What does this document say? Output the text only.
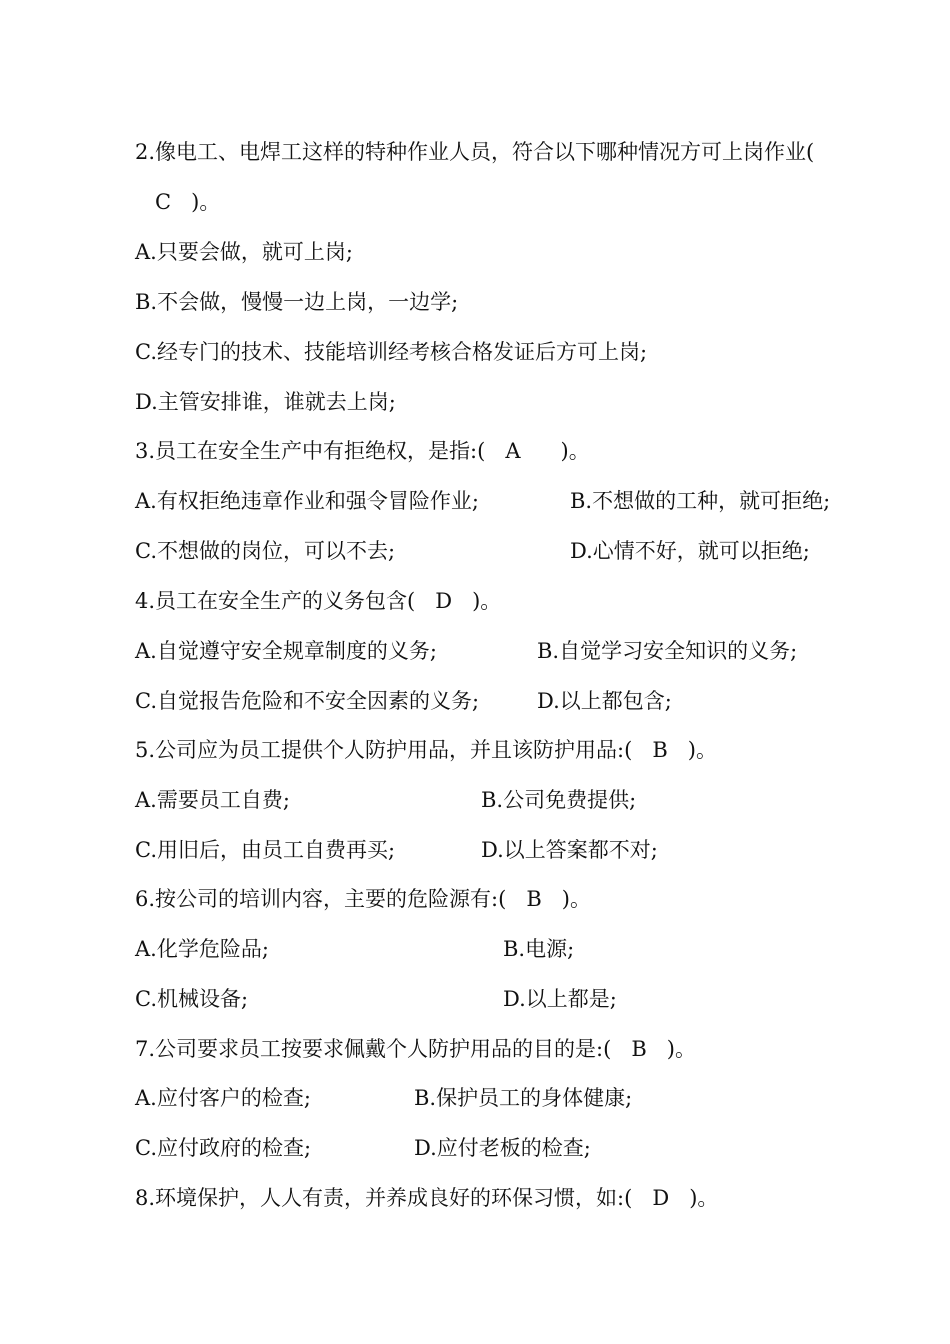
2.像电工、电焊工这样的特种作业人员，符合以下哪种情况方可上岗作业(
C   )。
A.只要会做，就可上岗;
B.不会做，慢慢一边上岗，一边学;
C.经专门的技术、技能培训经考核合格发证后方可上岗;
D.主管安排谁，谁就去上岗;
3.员工在安全生产中有拒绝权，是指:(   A      )。
A.有权拒绝违章作业和强令冒险作业;	B.不想做的工种，就可拒绝;
C.不想做的岗位，可以不去;	D.心情不好，就可以拒绝;
4.员工在安全生产的义务包含(   D   )。
A.自觉遵守安全规章制度的义务;	B.自觉学习安全知识的义务;
C.自觉报告危险和不安全因素的义务;	D.以上都包含;
5.公司应为员工提供个人防护用品，并且该防护用品:(   B   )。
A.需要员工自费;	B.公司免费提供;
C.用旧后，由员工自费再买;	D.以上答案都不对;
6.按公司的培训内容，主要的危险源有:(   B   )。
A.化学危险品;	B.电源;
C.机械设备;	D.以上都是;
7.公司要求员工按要求佩戴个人防护用品的目的是:(   B   )。
A.应付客户的检查;	B.保护员工的身体健康;
C.应付政府的检查;	D.应付老板的检查;
8.环境保护，人人有责，并养成良好的环保习惯，如:(   D   )。
